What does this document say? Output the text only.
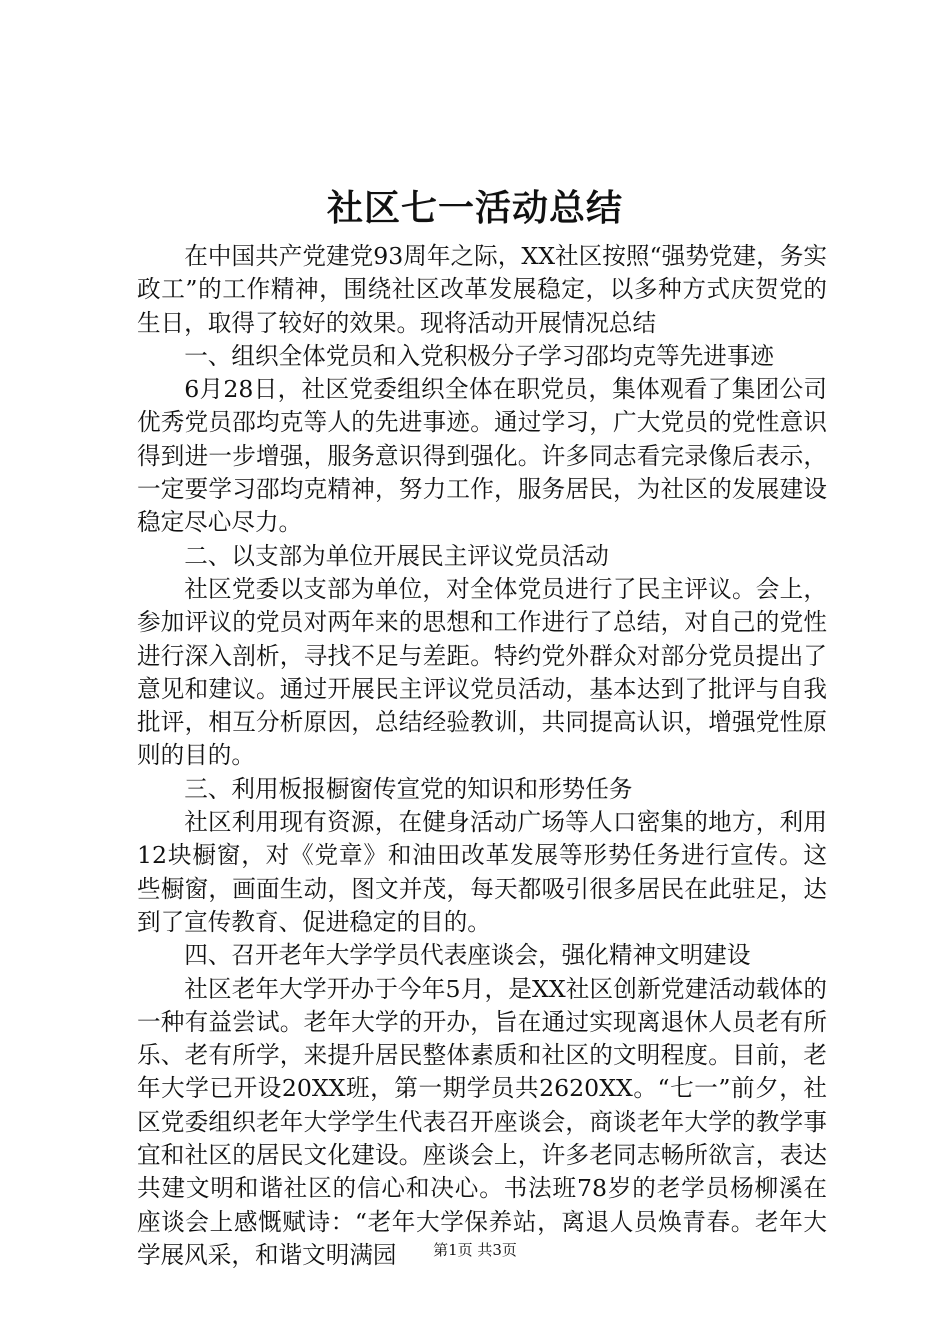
社区七一活动总结

在中国共产党建党93周年之际，XX社区按照“强势党建，务实政工”的工作精神，围绕社区改革发展稳定，以多种方式庆贺党的生日，取得了较好的效果。现将活动开展情况总结

一、组织全体党员和入党积极分子学习邵均克等先进事迹

6月28日，社区党委组织全体在职党员，集体观看了集团公司优秀党员邵均克等人的先进事迹。通过学习，广大党员的党性意识得到进一步增强，服务意识得到强化。许多同志看完录像后表示，一定要学习邵均克精神，努力工作，服务居民，为社区的发展建设稳定尽心尽力。

二、以支部为单位开展民主评议党员活动

社区党委以支部为单位，对全体党员进行了民主评议。会上，参加评议的党员对两年来的思想和工作进行了总结，对自己的党性进行深入剖析，寻找不足与差距。特约党外群众对部分党员提出了意见和建议。通过开展民主评议党员活动，基本达到了批评与自我批评，相互分析原因，总结经验教训，共同提高认识，增强党性原则的目的。

三、利用板报橱窗传宣党的知识和形势任务

社区利用现有资源，在健身活动广场等人口密集的地方，利用12块橱窗，对《党章》和油田改革发展等形势任务进行宣传。这些橱窗，画面生动，图文并茂，每天都吸引很多居民在此驻足，达到了宣传教育、促进稳定的目的。

四、召开老年大学学员代表座谈会，强化精神文明建设

社区老年大学开办于今年5月，是XX社区创新党建活动载体的一种有益尝试。老年大学的开办，旨在通过实现离退休人员老有所乐、老有所学，来提升居民整体素质和社区的文明程度。目前，老年大学已开设20XX班，第一期学员共2620XX。“七一”前夕，社区党委组织老年大学学生代表召开座谈会，商谈老年大学的教学事宜和社区的居民文化建设。座谈会上，许多老同志畅所欲言，表达共建文明和谐社区的信心和决心。书法班78岁的老学员杨柳溪在座谈会上感慨赋诗：“老年大学保养站，离退人员焕青春。老年大学展风采，和谐文明满园	第1页 共3页
